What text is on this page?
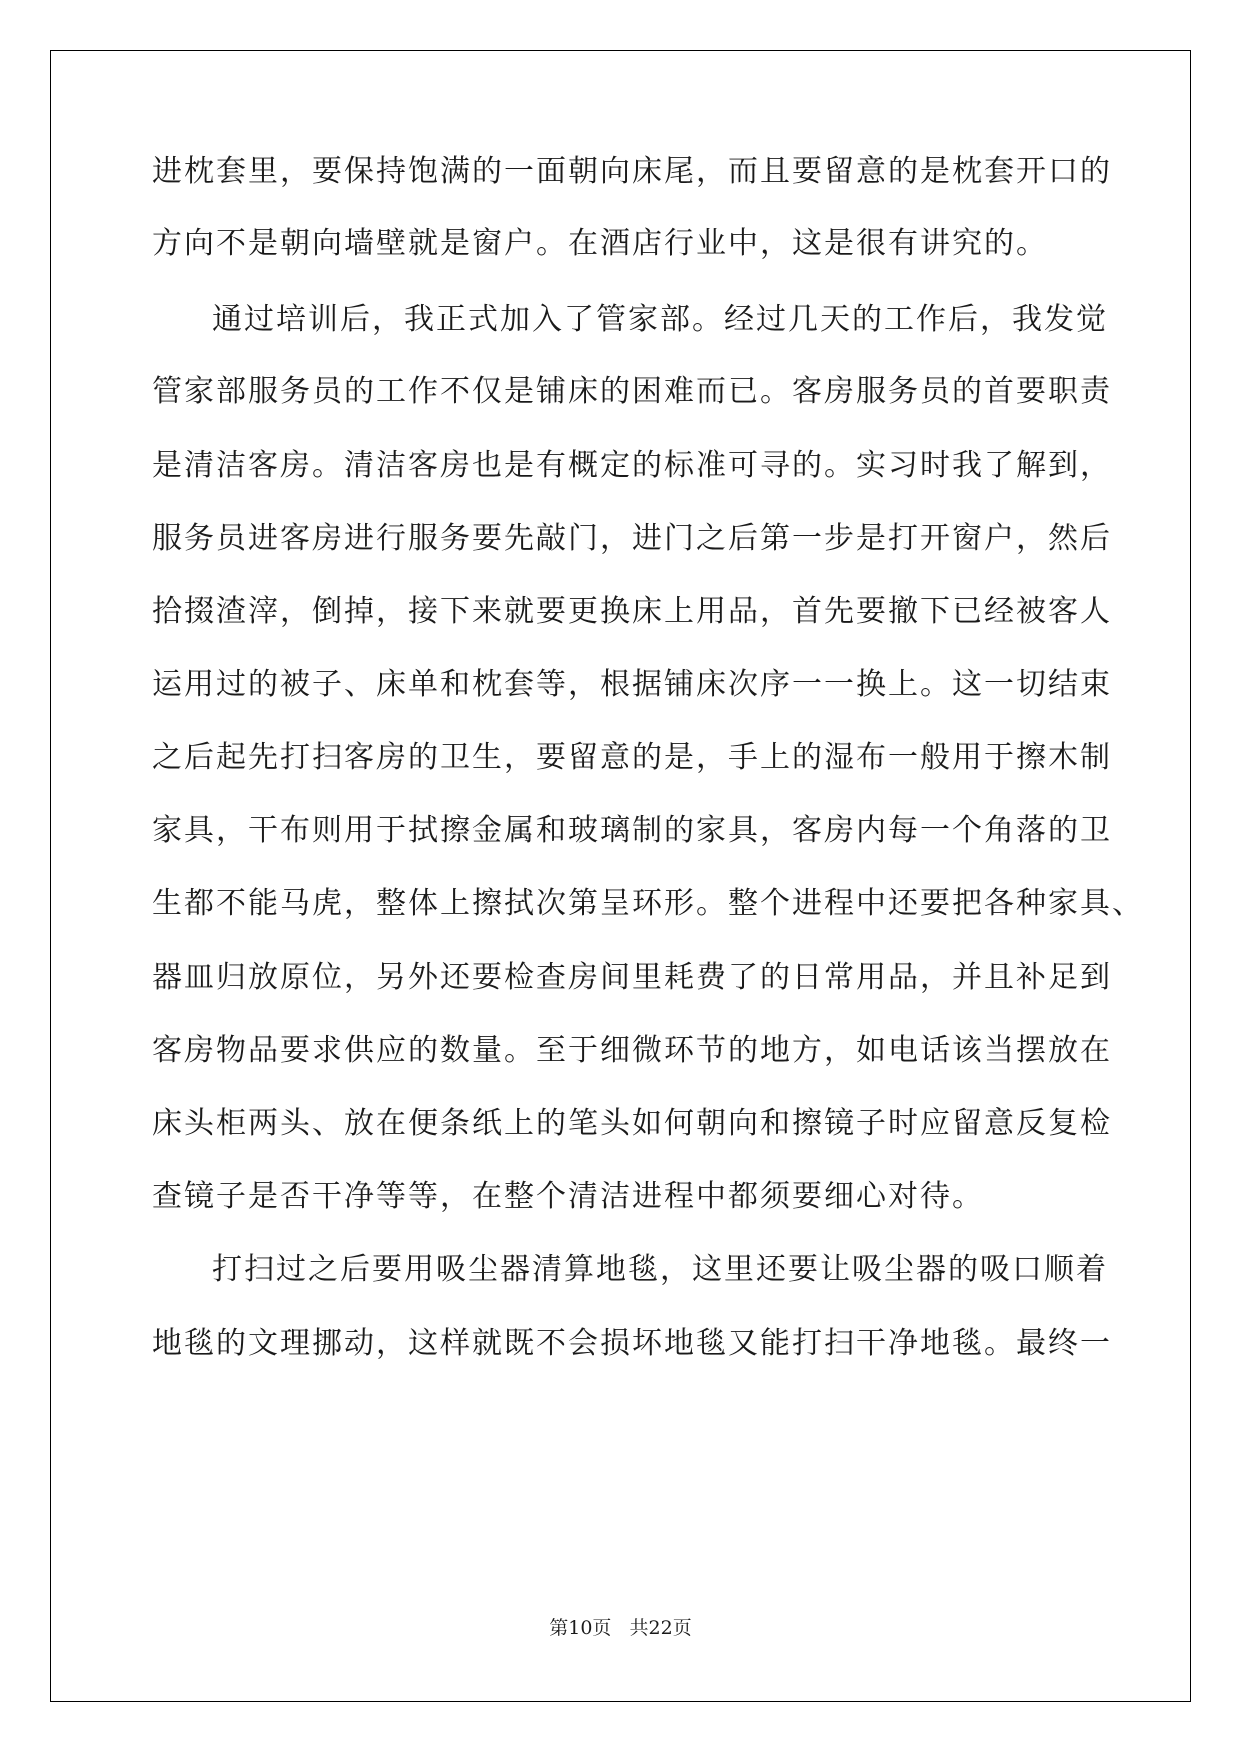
进枕套里，要保持饱满的一面朝向床尾，而且要留意的是枕套开口的
方向不是朝向墙壁就是窗户。在酒店行业中，这是很有讲究的。
通过培训后，我正式加入了管家部。经过几天的工作后，我发觉
管家部服务员的工作不仅是铺床的困难而已。客房服务员的首要职责
是清洁客房。清洁客房也是有概定的标准可寻的。实习时我了解到，
服务员进客房进行服务要先敲门，进门之后第一步是打开窗户，然后
拾掇渣滓，倒掉，接下来就要更换床上用品，首先要撤下已经被客人
运用过的被子、床单和枕套等，根据铺床次序一一换上。这一切结束
之后起先打扫客房的卫生，要留意的是，手上的湿布一般用于擦木制
家具，干布则用于拭擦金属和玻璃制的家具，客房内每一个角落的卫
生都不能马虎，整体上擦拭次第呈环形。整个进程中还要把各种家具、
器皿归放原位，另外还要检查房间里耗费了的日常用品，并且补足到
客房物品要求供应的数量。至于细微环节的地方，如电话该当摆放在
床头柜两头、放在便条纸上的笔头如何朝向和擦镜子时应留意反复检
查镜子是否干净等等，在整个清洁进程中都须要细心对待。
打扫过之后要用吸尘器清算地毯，这里还要让吸尘器的吸口顺着
地毯的文理挪动，这样就既不会损坏地毯又能打扫干净地毯。最终一
第10页   共22页
